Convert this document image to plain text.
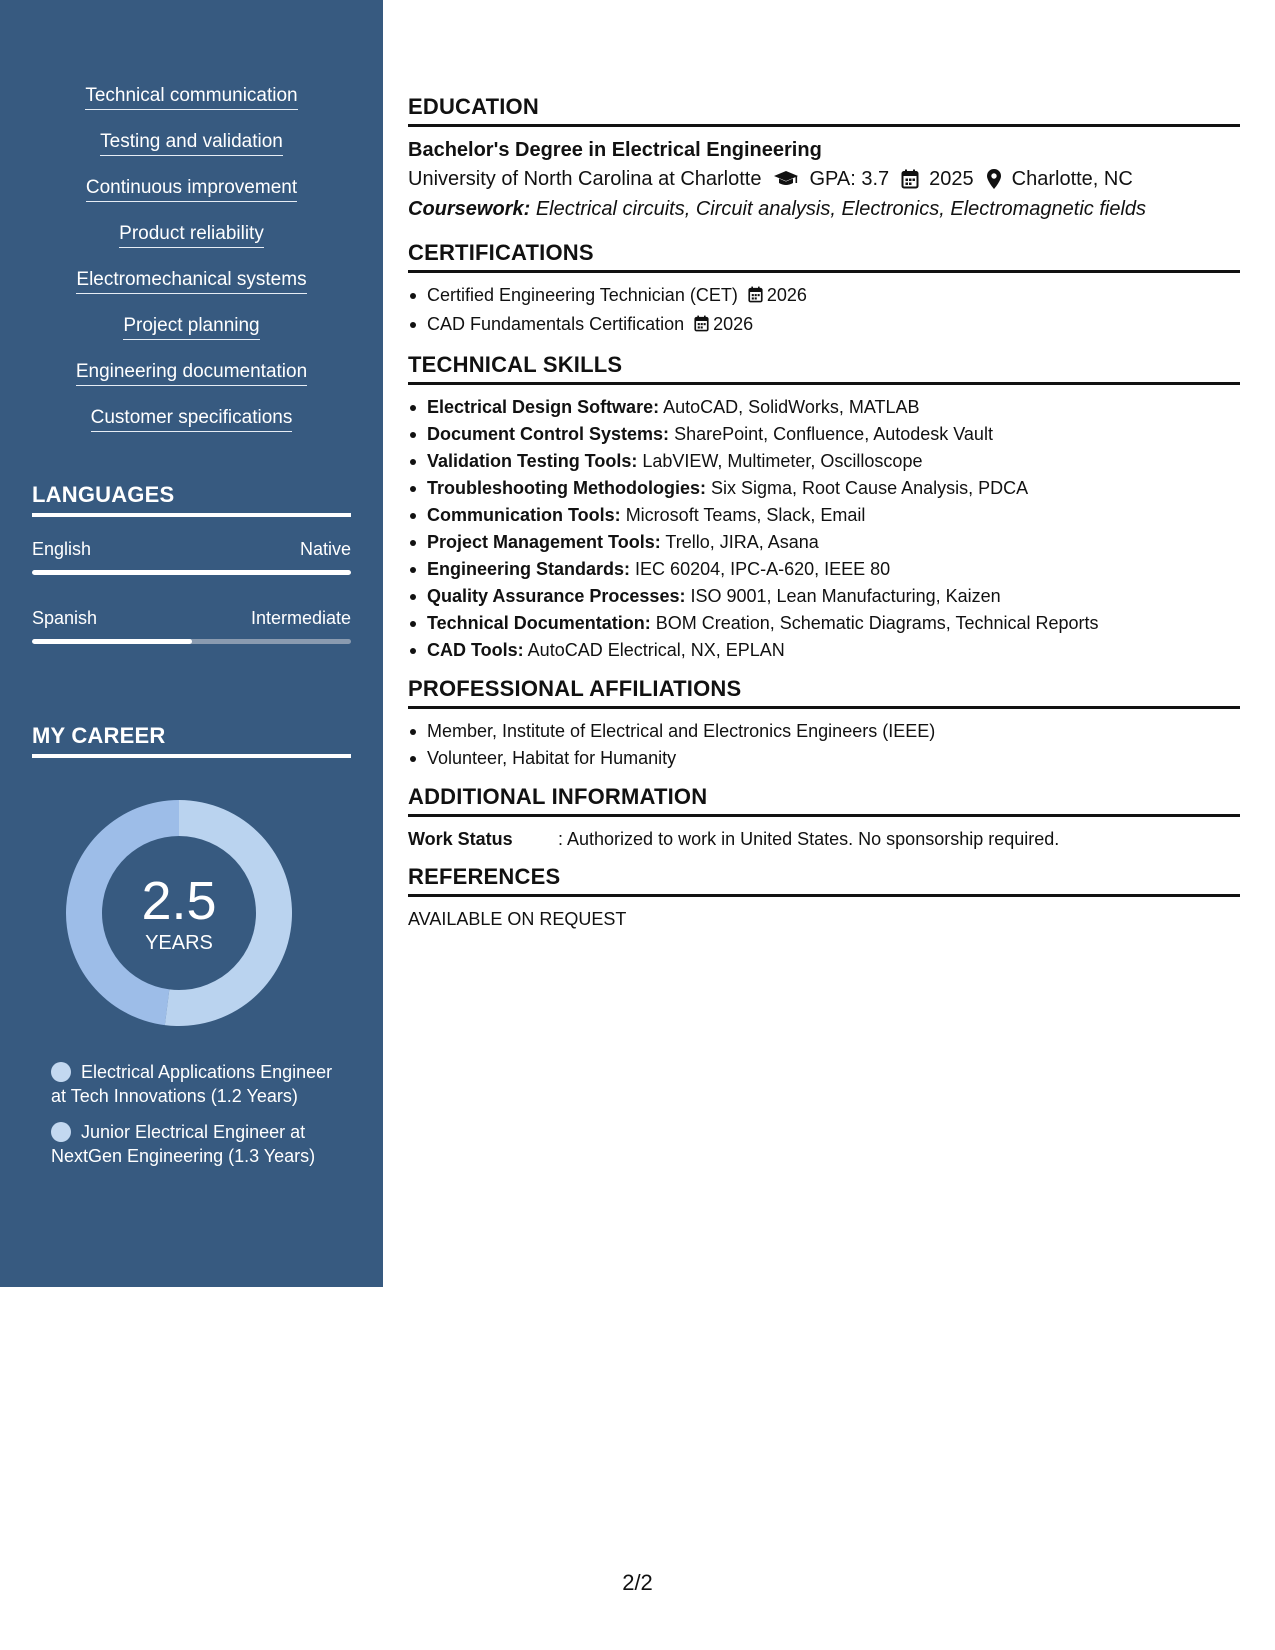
Technical communication
Testing and validation
Continuous improvement
Product reliability
Electromechanical systems
Project planning
Engineering documentation
Customer specifications
LANGUAGES
English	Native
Spanish	Intermediate
MY CAREER
2.5
YEARS
Electrical Applications Engineer at Tech Innovations (1.2 Years)
Junior Electrical Engineer at NextGen Engineering (1.3 Years)
EDUCATION
Bachelor's Degree in Electrical Engineering
University of North Carolina at Charlotte GPA: 3.7 2025 Charlotte, NC
Coursework: Electrical circuits, Circuit analysis, Electronics, Electromagnetic fields
CERTIFICATIONS
Certified Engineering Technician (CET) 2026
CAD Fundamentals Certification 2026
TECHNICAL SKILLS
Electrical Design Software: AutoCAD, SolidWorks, MATLAB
Document Control Systems: SharePoint, Confluence, Autodesk Vault
Validation Testing Tools: LabVIEW, Multimeter, Oscilloscope
Troubleshooting Methodologies: Six Sigma, Root Cause Analysis, PDCA
Communication Tools: Microsoft Teams, Slack, Email
Project Management Tools: Trello, JIRA, Asana
Engineering Standards: IEC 60204, IPC-A-620, IEEE 80
Quality Assurance Processes: ISO 9001, Lean Manufacturing, Kaizen
Technical Documentation: BOM Creation, Schematic Diagrams, Technical Reports
CAD Tools: AutoCAD Electrical, NX, EPLAN
PROFESSIONAL AFFILIATIONS
Member, Institute of Electrical and Electronics Engineers (IEEE)
Volunteer, Habitat for Humanity
ADDITIONAL INFORMATION
Work Status	: Authorized to work in United States. No sponsorship required.
REFERENCES
AVAILABLE ON REQUEST
2/2
